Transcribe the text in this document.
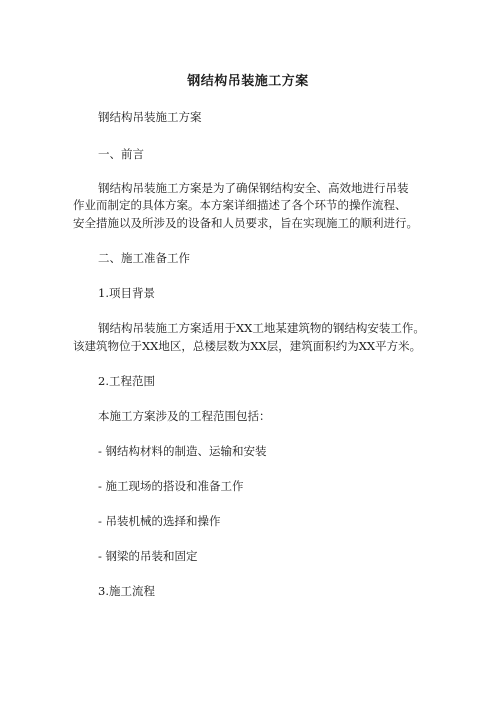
钢结构吊装施工方案
钢结构吊装施工方案
一、前言
钢结构吊装施工方案是为了确保钢结构安全、高效地进行吊装
作业而制定的具体方案。本方案详细描述了各个环节的操作流程、
安全措施以及所涉及的设备和人员要求，旨在实现施工的顺利进行。
二、施工准备工作
1.项目背景
钢结构吊装施工方案适用于XX工地某建筑物的钢结构安装工作。
该建筑物位于XX地区，总楼层数为XX层，建筑面积约为XX平方米。
2.工程范围
本施工方案涉及的工程范围包括：
- 钢结构材料的制造、运输和安装
- 施工现场的搭设和准备工作
- 吊装机械的选择和操作
- 钢梁的吊装和固定
3.施工流程
